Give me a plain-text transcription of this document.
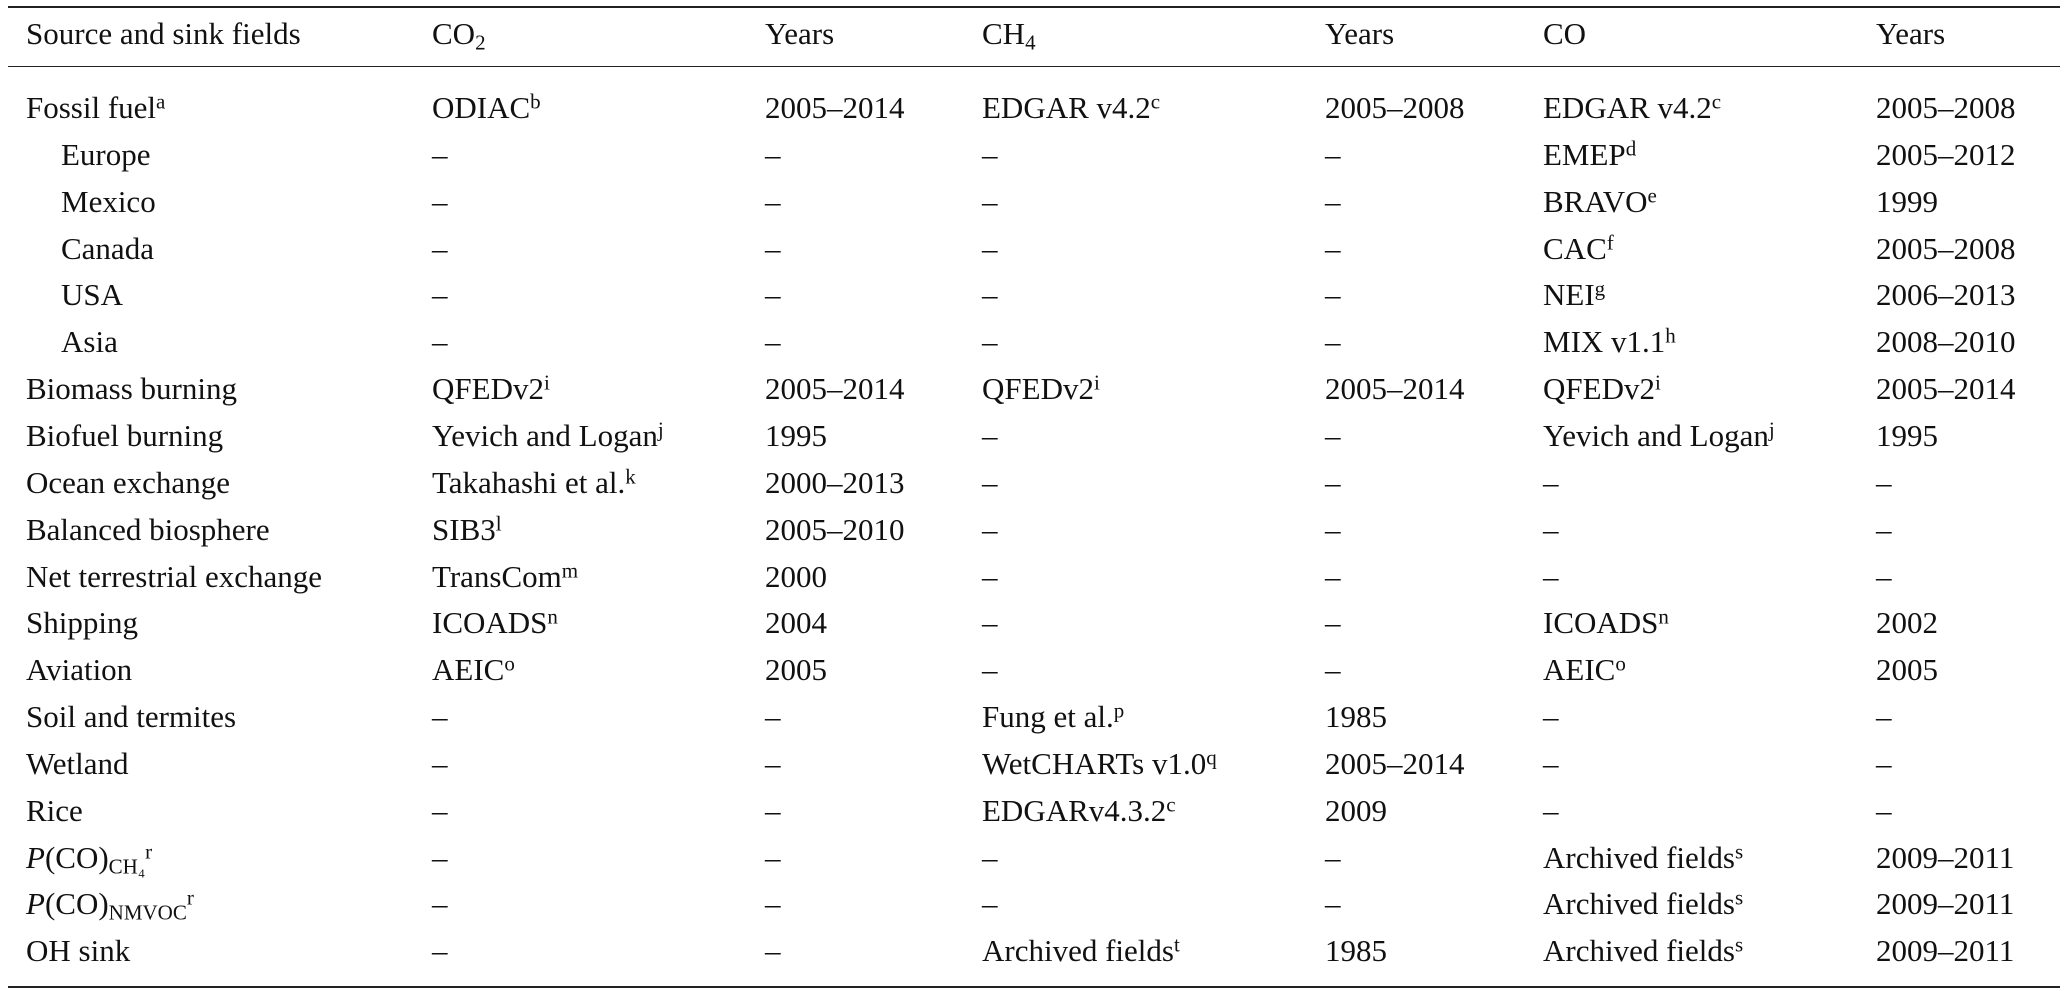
Source and sink fields	$CO_2$	Years	$CH_4$	Years	CO	Years
Fossil fuel$^a$	ODIAC$^b$	2005–2014	EDGAR v4.2$^c$	2005–2008	EDGAR v4.2$^c$	2005–2008
Europe	–	–	–	–	EMEP$^d$	2005–2012
Mexico	–	–	–	–	BRAVO$^e$	1999
Canada	–	–	–	–	CAC$^f$	2005–2008
USA	–	–	–	–	NEI$^g$	2006–2013
Asia	–	–	–	–	MIX v1.1$^h$	2008–2010
Biomass burning	QFEDv2$^i$	2005–2014	QFEDv2$^i$	2005–2014	QFEDv2$^i$	2005–2014
Biofuel burning	Yevich and Logan$^j$	1995	–	–	Yevich and Logan$^j$	1995
Ocean exchange	Takahashi et al.$^k$	2000–2013	–	–	–	–
Balanced biosphere	SIB3$^l$	2005–2010	–	–	–	–
Net terrestrial exchange	TransCom$^m$	2000	–	–	–	–
Shipping	ICOADS$^n$	2004	–	–	ICOADS$^n$	2002
Aviation	AEIC$^o$	2005	–	–	AEIC$^o$	2005
Soil and termites	–	–	Fung et al.$^p$	1985	–	–
Wetland	–	–	WetCHARTs v1.0$^q$	2005–2014	–	–
Rice	–	–	EDGARv4.3.2$^c$	2009	–	–
$P(CO)_{CH_4}^r$	–	–	–	–	Archived fields$^s$	2009–2011
$P(CO)_{NMVOC}^r$	–	–	–	–	Archived fields$^s$	2009–2011
OH sink	–	–	Archived fields$^t$	1985	Archived fields$^s$	2009–2011
